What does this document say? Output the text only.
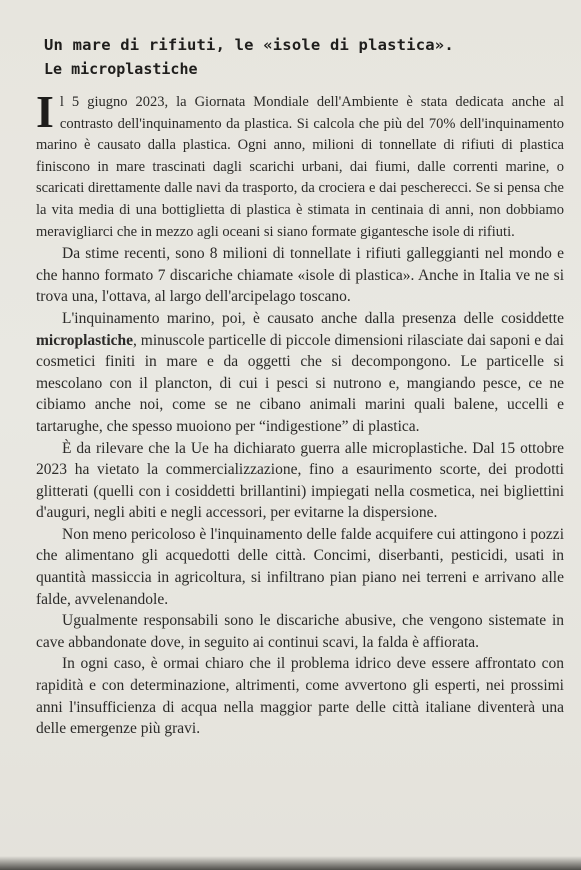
Un mare di rifiuti, le «isole di plastica».
Le microplastiche

Il 5 giugno 2023, la Giornata Mondiale dell'Ambiente è stata dedicata anche al contrasto dell'inquinamento da plastica. Si calcola che più del 70% dell'inquinamento marino è causato dalla plastica. Ogni anno, milioni di tonnellate di rifiuti di plastica finiscono in mare trascinati dagli scarichi urbani, dai fiumi, dalle correnti marine, o scaricati direttamente dalle navi da trasporto, da crociera e dai pescherecci. Se si pensa che la vita media di una bottiglietta di plastica è stimata in centinaia di anni, non dobbiamo meravigliarci che in mezzo agli oceani si siano formate gigantesche isole di rifiuti.

Da stime recenti, sono 8 milioni di tonnellate i rifiuti galleggianti nel mondo e che hanno formato 7 discariche chiamate «isole di plastica». Anche in Italia ve ne si trova una, l'ottava, al largo dell'arcipelago toscano.

L'inquinamento marino, poi, è causato anche dalla presenza delle cosiddette microplastiche, minuscole particelle di piccole dimensioni rilasciate dai saponi e dai cosmetici finiti in mare e da oggetti che si decompongono. Le particelle si mescolano con il plancton, di cui i pesci si nutrono e, mangiando pesce, ce ne cibiamo anche noi, come se ne cibano animali marini quali balene, uccelli e tartarughe, che spesso muoiono per “indigestione” di plastica.

È da rilevare che la Ue ha dichiarato guerra alle microplastiche. Dal 15 ottobre 2023 ha vietato la commercializzazione, fino a esaurimento scorte, dei prodotti glitterati (quelli con i cosiddetti brillantini) impiegati nella cosmetica, nei bigliettini d'auguri, negli abiti e negli accessori, per evitarne la dispersione.

Non meno pericoloso è l'inquinamento delle falde acquifere cui attingono i pozzi che alimentano gli acquedotti delle città. Concimi, diserbanti, pesticidi, usati in quantità massiccia in agricoltura, si infiltrano pian piano nei terreni e arrivano alle falde, avvelenandole.

Ugualmente responsabili sono le discariche abusive, che vengono sistemate in cave abbandonate dove, in seguito ai continui scavi, la falda è affiorata.

In ogni caso, è ormai chiaro che il problema idrico deve essere affrontato con rapidità e con determinazione, altrimenti, come avvertono gli esperti, nei prossimi anni l'insufficienza di acqua nella maggior parte delle città italiane diventerà una delle emergenze più gravi.
